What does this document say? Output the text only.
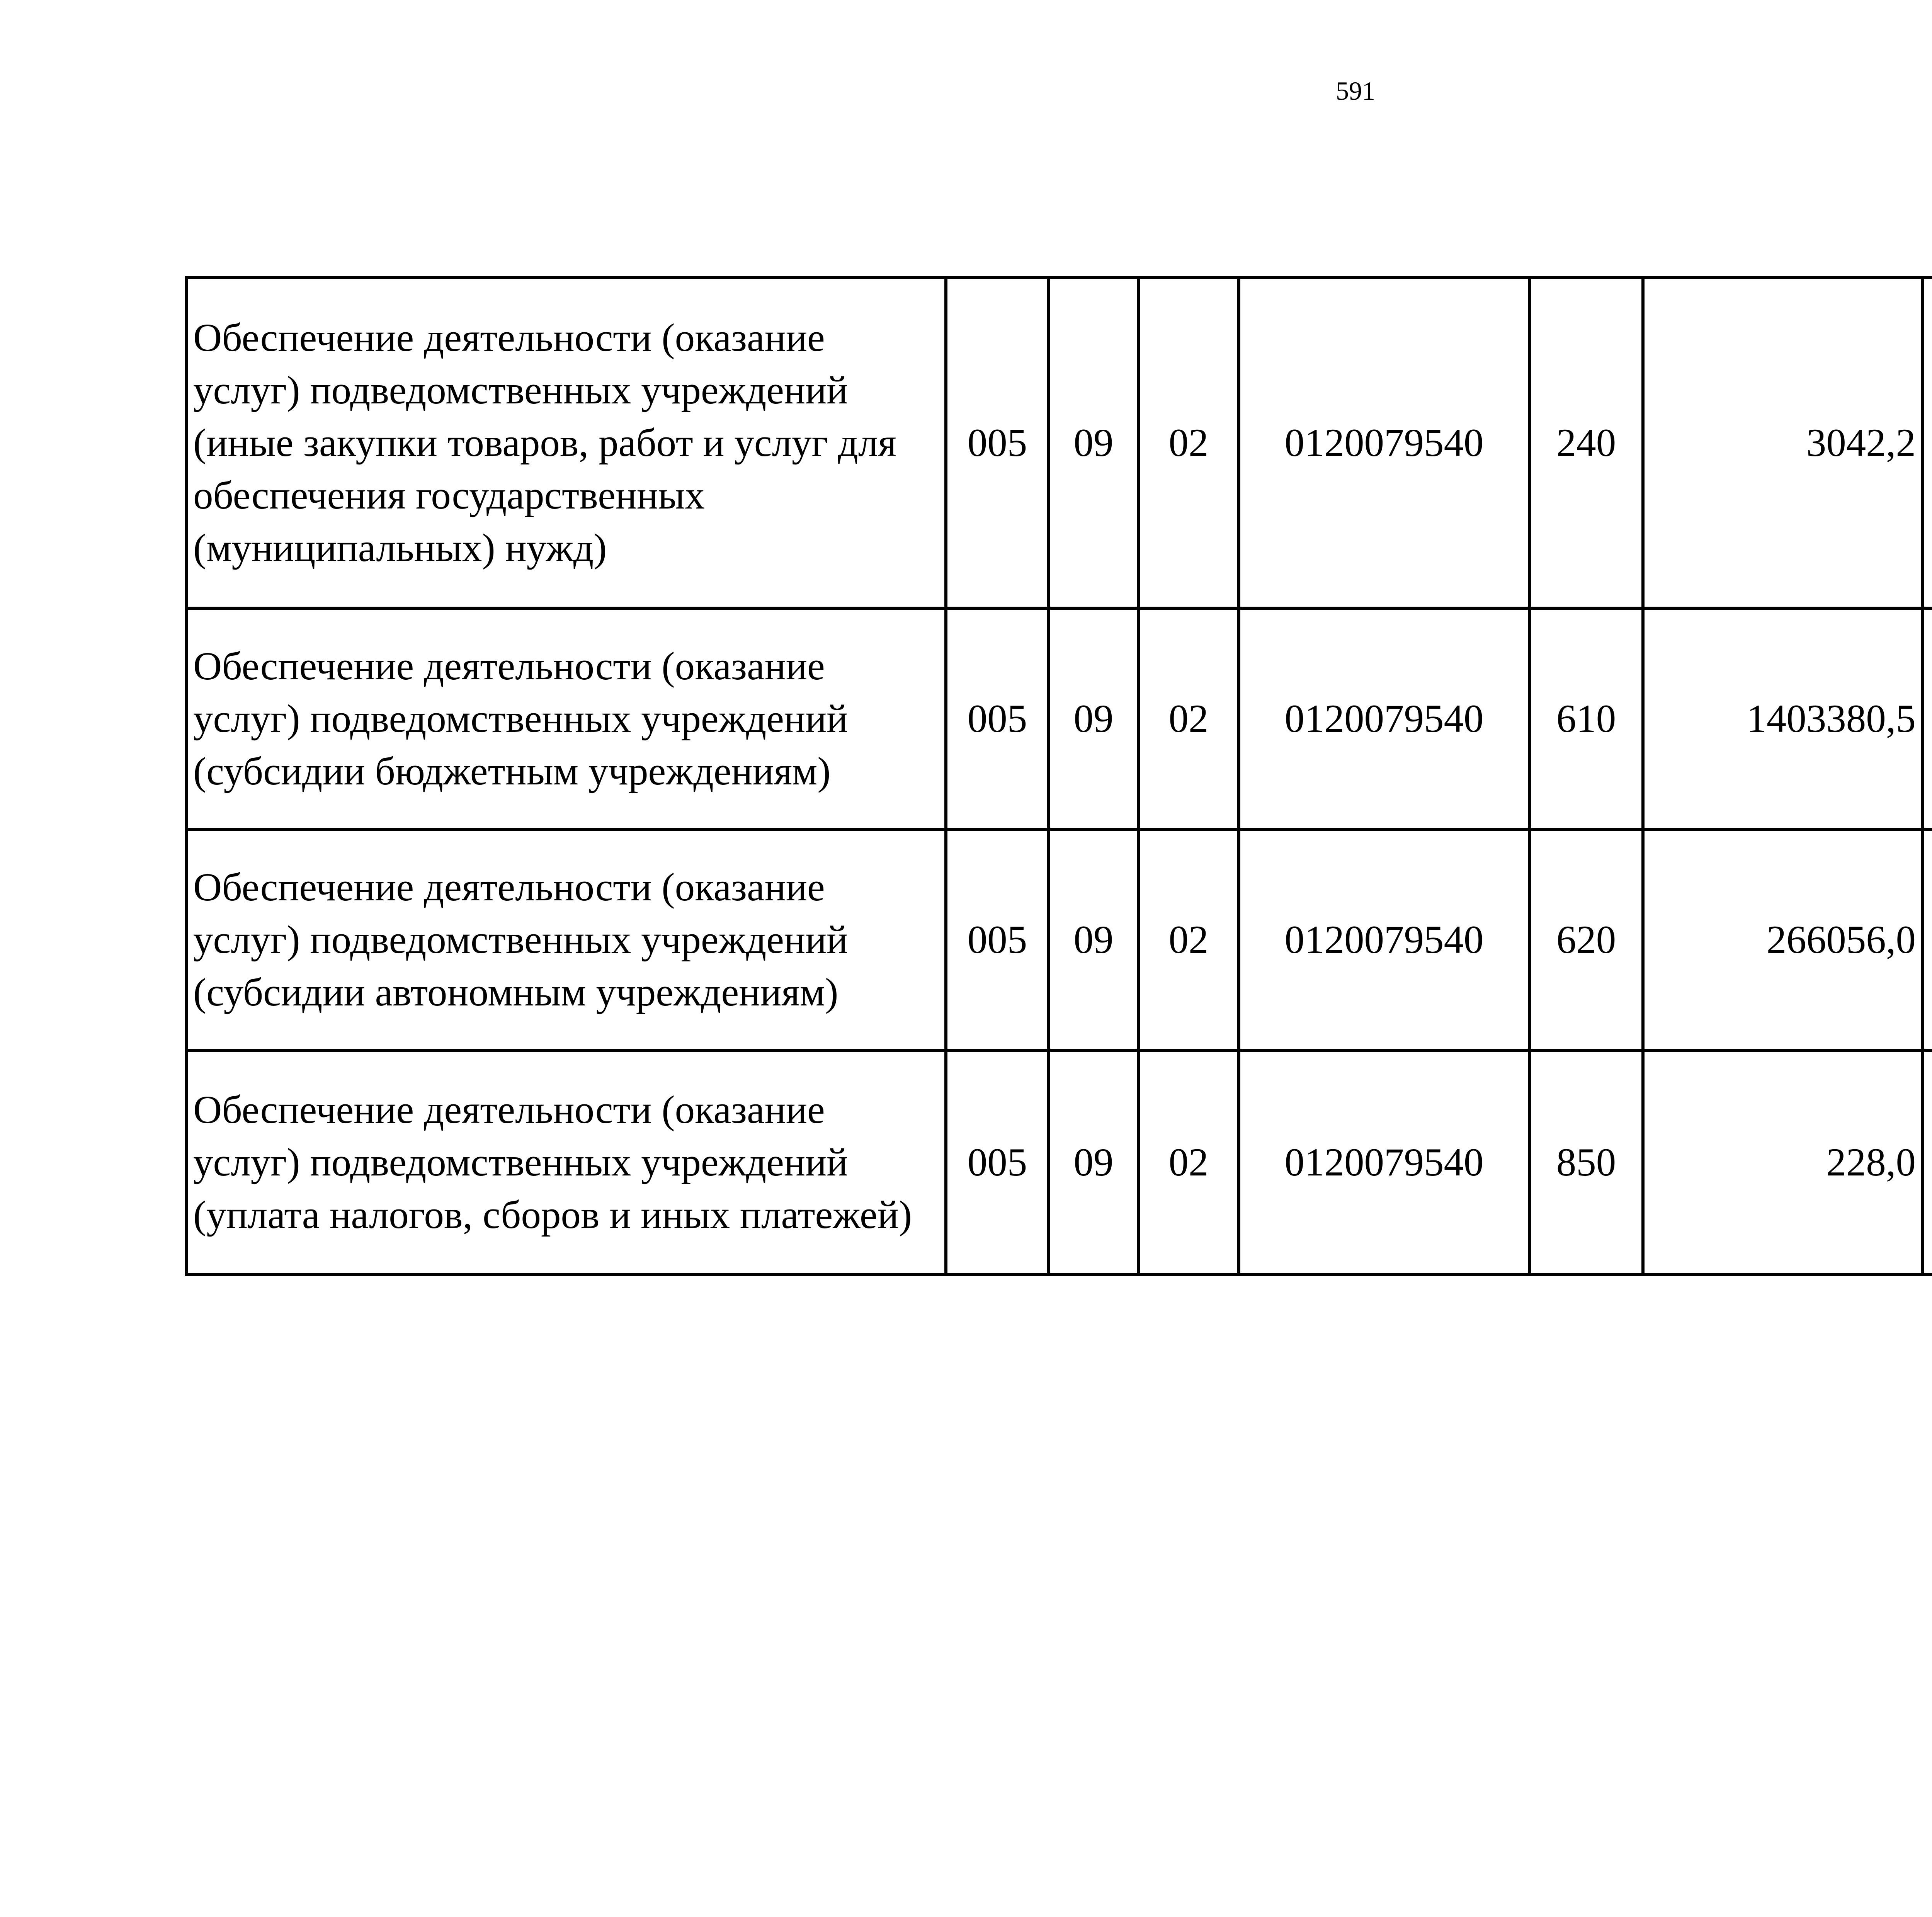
591
Обеспечение деятельности (оказание услуг) подведомственных учреждений (иные закупки товаров, работ и услуг для обеспечения государственных (муниципальных) нужд)	005	09	02	0120079540	240	3042,2		
Обеспечение деятельности (оказание услуг) подведомственных учреждений (субсидии бюджетным учреждениям)	005	09	02	0120079540	610	1403380,5		
Обеспечение деятельности (оказание услуг) подведомственных учреждений (субсидии автономным учреждениям)	005	09	02	0120079540	620	266056,0		
Обеспечение деятельности (оказание услуг) подведомственных учреждений (уплата налогов, сборов и иных платежей)	005	09	02	0120079540	850	228,0		
